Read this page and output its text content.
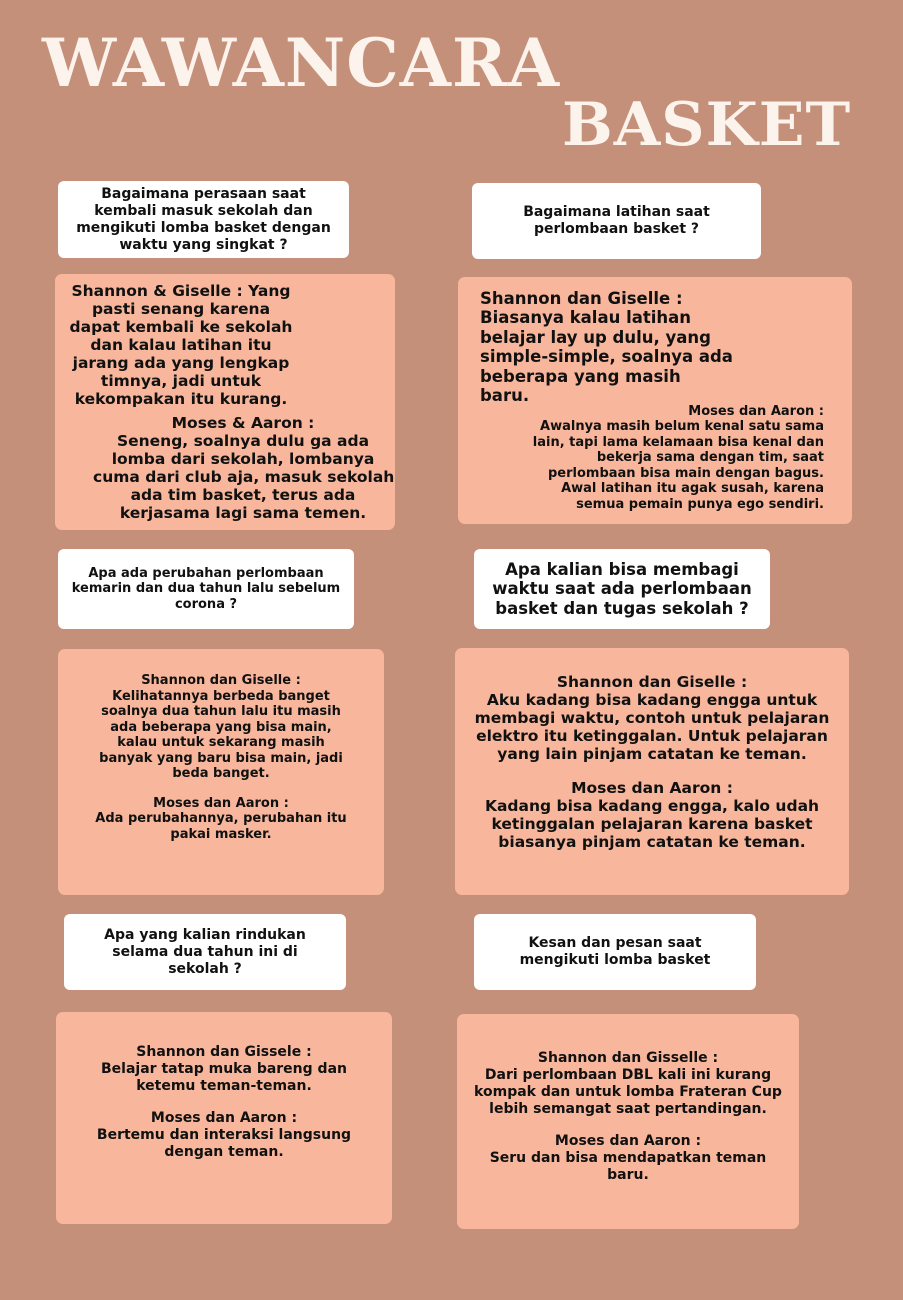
WAWANCARA
BASKET
Bagaimana perasaan saat
kembali masuk sekolah dan
mengikuti lomba basket dengan
waktu yang singkat ?
Shannon & Giselle : Yang
pasti senang karena
dapat kembali ke sekolah
dan kalau latihan itu
jarang ada yang lengkap
timnya, jadi untuk
kekompakan itu kurang.
Moses & Aaron :
Seneng, soalnya dulu ga ada
lomba dari sekolah, lombanya
cuma dari club aja, masuk sekolah
ada tim basket, terus ada
kerjasama lagi sama temen.
Bagaimana latihan saat
perlombaan basket ?
Shannon dan Giselle :
Biasanya kalau latihan
belajar lay up dulu, yang
simple-simple, soalnya ada
beberapa yang masih
baru.
Moses dan Aaron :
Awalnya masih belum kenal satu sama
lain, tapi lama kelamaan bisa kenal dan
bekerja sama dengan tim, saat
perlombaan bisa main dengan bagus.
Awal latihan itu agak susah, karena
semua pemain punya ego sendiri.
Apa ada perubahan perlombaan
kemarin dan dua tahun lalu sebelum
corona ?
Shannon dan Giselle :
Kelihatannya berbeda banget
soalnya dua tahun lalu itu masih
ada beberapa yang bisa main,
kalau untuk sekarang masih
banyak yang baru bisa main, jadi
beda banget.
Moses dan Aaron :
Ada perubahannya, perubahan itu
pakai masker.
Apa kalian bisa membagi
waktu saat ada perlombaan
basket dan tugas sekolah ?
Shannon dan Giselle :
Aku kadang bisa kadang engga untuk
membagi waktu, contoh untuk pelajaran
elektro itu ketinggalan. Untuk pelajaran
yang lain pinjam catatan ke teman.
Moses dan Aaron :
Kadang bisa kadang engga, kalo udah
ketinggalan pelajaran karena basket
biasanya pinjam catatan ke teman.
Apa yang kalian rindukan
selama dua tahun ini di
sekolah ?
Shannon dan Gissele :
Belajar tatap muka bareng dan
ketemu teman-teman.
Moses dan Aaron :
Bertemu dan interaksi langsung
dengan teman.
Kesan dan pesan saat
mengikuti lomba basket
Shannon dan Gisselle :
Dari perlombaan DBL kali ini kurang
kompak dan untuk lomba Frateran Cup
lebih semangat saat pertandingan.
Moses dan Aaron :
Seru dan bisa mendapatkan teman
baru.
